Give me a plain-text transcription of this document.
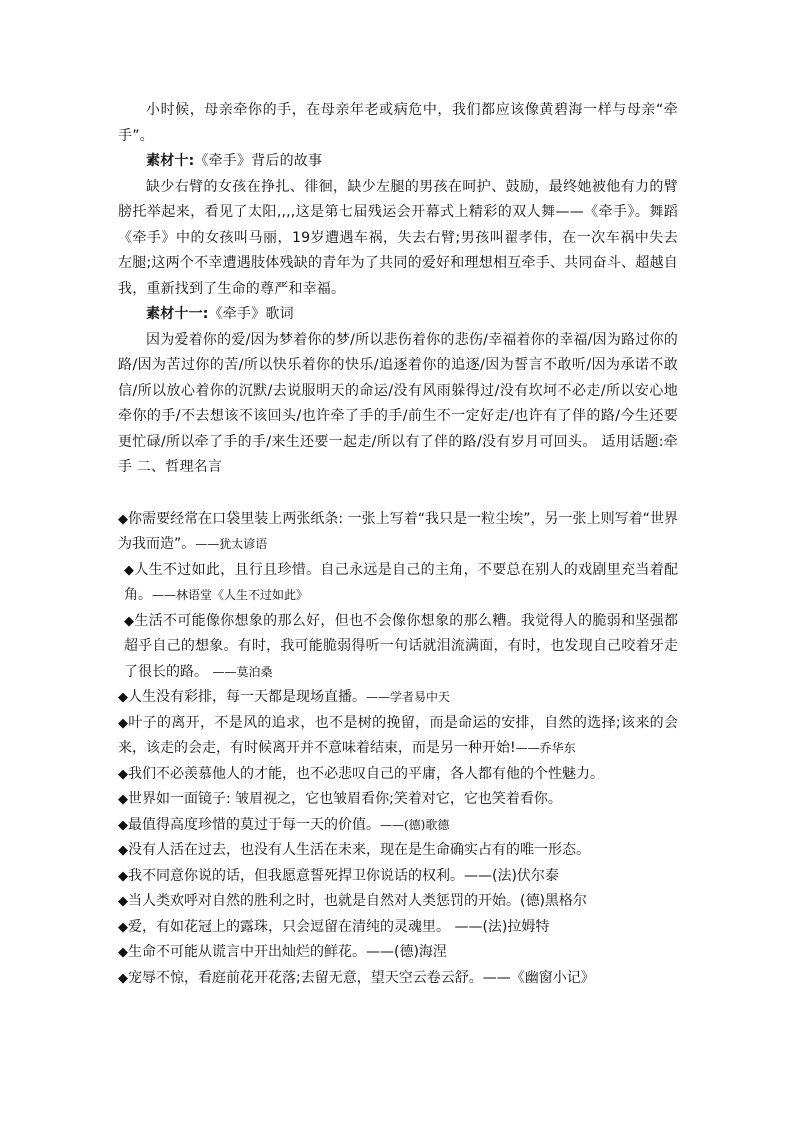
小时候，母亲牵你的手，在母亲年老或病危中，我们都应该像黄碧海一样与母亲“牵手”。

素材十:《牵手》背后的故事

缺少右臂的女孩在挣扎、徘徊，缺少左腿的男孩在呵护、鼓励，最终她被他有力的臂膀托举起来，看见了太阳,,,,这是第七届残运会开幕式上精彩的双人舞——《牵手》。舞蹈《牵手》中的女孩叫马丽，19岁遭遇车祸，失去右臂;男孩叫翟孝伟，在一次车祸中失去左腿;这两个不幸遭遇肢体残缺的青年为了共同的爱好和理想相互牵手、共同奋斗、超越自我，重新找到了生命的尊严和幸福。

素材十一:《牵手》歌词

因为爱着你的爱/因为梦着你的梦/所以悲伤着你的悲伤/幸福着你的幸福/因为路过你的路/因为苦过你的苦/所以快乐着你的快乐/追逐着你的追逐/因为誓言不敢听/因为承诺不敢信/所以放心着你的沉默/去说服明天的命运/没有风雨躲得过/没有坎坷不必走/所以安心地牵你的手/不去想该不该回头/也许牵了手的手/前生不一定好走/也许有了伴的路/今生还要更忙碌/所以牵了手的手/来生还要一起走/所以有了伴的路/没有岁月可回头。 适用话题:牵手 二、哲理名言

◆你需要经常在口袋里装上两张纸条: 一张上写着“我只是一粒尘埃”，另一张上则写着“世界为我而造”。——犹太谚语

◆人生不过如此，且行且珍惜。自己永远是自己的主角，不要总在别人的戏剧里充当着配角。——林语堂《人生不过如此》

◆生活不可能像你想象的那么好，但也不会像你想象的那么糟。我觉得人的脆弱和坚强都超乎自己的想象。有时，我可能脆弱得听一句话就泪流满面，有时，也发现自己咬着牙走了很长的路。 ——莫泊桑

◆人生没有彩排，每一天都是现场直播。——学者易中天

◆叶子的离开，不是风的追求，也不是树的挽留，而是命运的安排，自然的选择;该来的会来，该走的会走，有时候离开并不意味着结束，而是另一种开始!——乔华东

◆我们不必羡慕他人的才能，也不必悲叹自己的平庸，各人都有他的个性魅力。

◆世界如一面镜子: 皱眉视之，它也皱眉看你;笑着对它，它也笑着看你。

◆最值得高度珍惜的莫过于每一天的价值。——(德)歌德

◆没有人活在过去，也没有人生活在未来，现在是生命确实占有的唯一形态。

◆我不同意你说的话，但我愿意誓死捍卫你说话的权利。——(法)伏尔泰

◆当人类欢呼对自然的胜利之时，也就是自然对人类惩罚的开始。(德)黑格尔

◆爱，有如花冠上的露珠，只会逗留在清纯的灵魂里。 ——(法)拉姆特

◆生命不可能从谎言中开出灿烂的鲜花。——(德)海涅

◆宠辱不惊，看庭前花开花落;去留无意，望天空云卷云舒。——《幽窗小记》
